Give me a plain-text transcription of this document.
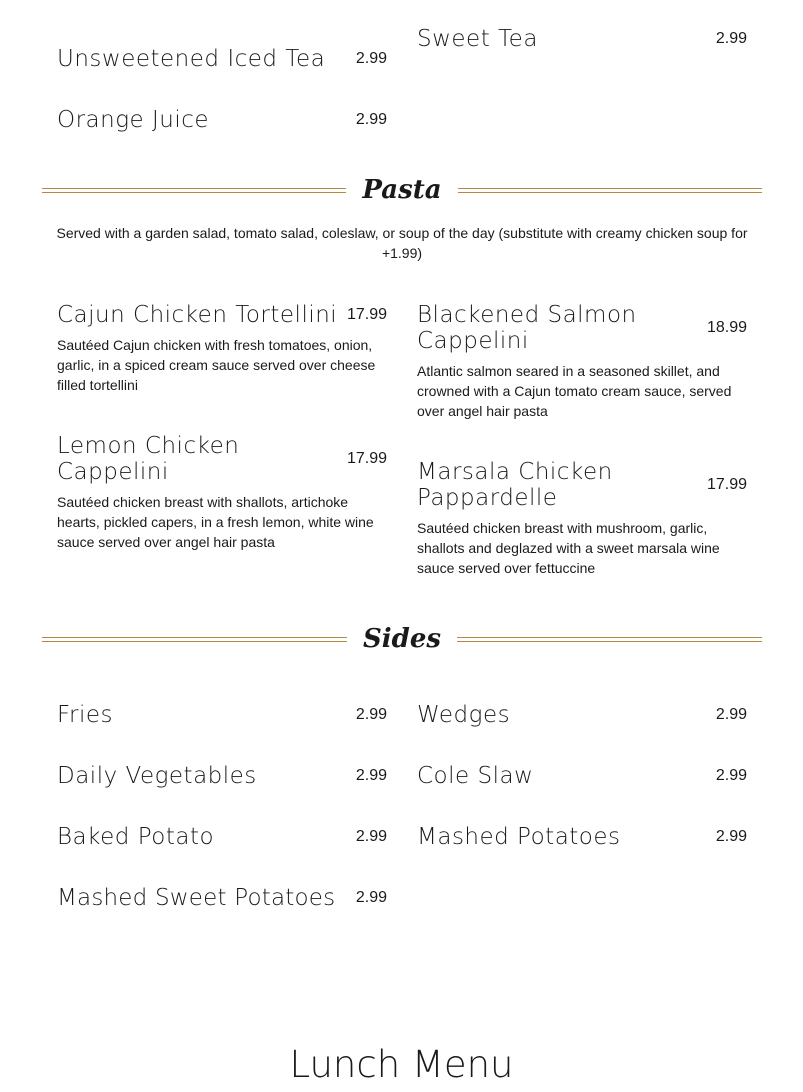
Unsweetened Iced Tea	2.99
Orange Juice	2.99
Sweet Tea	2.99
Pasta
Served with a garden salad, tomato salad, coleslaw, or soup of the day (substitute with creamy chicken soup for +1.99)
Cajun Chicken Tortellini 17.99
Sautéed Cajun chicken with fresh tomatoes, onion, garlic, in a spiced cream sauce served over cheese filled tortellini
Lemon Chicken Cappelini
17.99
Sautéed chicken breast with shallots, artichoke hearts, pickled capers, in a fresh lemon, white wine sauce served over angel hair pasta
Blackened Salmon Cappelini
18.99
Atlantic salmon seared in a seasoned skillet, and crowned with a Cajun tomato cream sauce, served over angel hair pasta
Marsala Chicken Pappardelle
17.99
Sautéed chicken breast with mushroom, garlic, shallots and deglazed with a sweet marsala wine sauce served over fettuccine
Sides
Fries	2.99
Daily Vegetables	2.99
Baked Potato	2.99
Mashed Sweet Potatoes	2.99
Wedges	2.99
Cole Slaw	2.99
Mashed Potatoes	2.99
Lunch Menu
